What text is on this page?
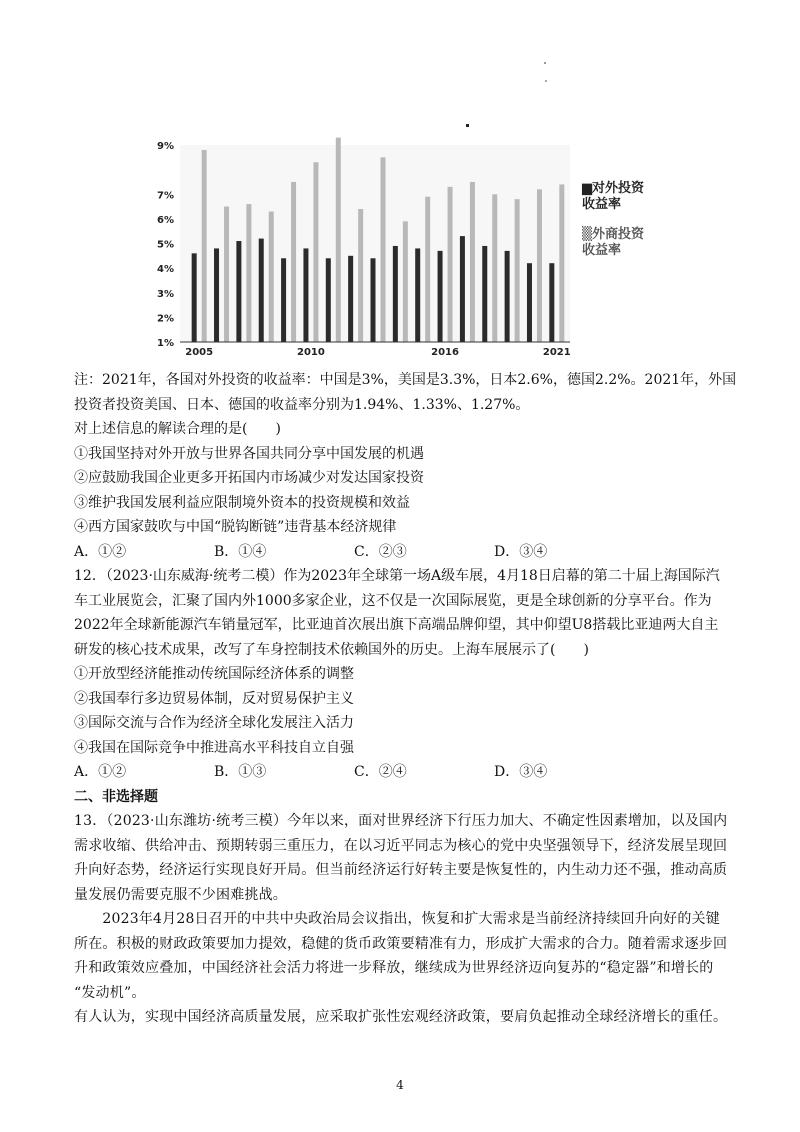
1%
2%
3%
4%
5%
6%
7%
9%
2005	2010	2016	2021
▆对外投资
收益率
▒外商投资
收益率
注：2021年，各国对外投资的收益率：中国是3%，美国是3.3%，日本2.6%，德国2.2%。2021年，外国
投资者投资美国、日本、德国的收益率分别为1.94%、1.33%、1.27%。
对上述信息的解读合理的是(　　)
①我国坚持对外开放与世界各国共同分享中国发展的机遇
②应鼓励我国企业更多开拓国内市场减少对发达国家投资
③维护我国发展利益应限制境外资本的投资规模和效益
④西方国家鼓吹与中国“脱钩断链”违背基本经济规律
A．①②	B．①④	C．②③	D．③④
12．（2023·山东威海·统考二模）作为2023年全球第一场A级车展，4月18日启幕的第二十届上海国际汽
车工业展览会，汇聚了国内外1000多家企业，这不仅是一次国际展览，更是全球创新的分享平台。作为
2022年全球新能源汽车销量冠军，比亚迪首次展出旗下高端品牌仰望，其中仰望U8搭载比亚迪两大自主
研发的核心技术成果，改写了车身控制技术依赖国外的历史。上海车展展示了(　　)
①开放型经济能推动传统国际经济体系的调整
②我国奉行多边贸易体制，反对贸易保护主义
③国际交流与合作为经济全球化发展注入活力
④我国在国际竞争中推进高水平科技自立自强
A．①②	B．①③	C．②④	D．③④
二、非选择题
13．（2023·山东潍坊·统考三模）今年以来，面对世界经济下行压力加大、不确定性因素增加，以及国内
需求收缩、供给冲击、预期转弱三重压力，在以习近平同志为核心的党中央坚强领导下，经济发展呈现回
升向好态势，经济运行实现良好开局。但当前经济运行好转主要是恢复性的，内生动力还不强，推动高质
量发展仍需要克服不少困难挑战。
　　2023年4月28日召开的中共中央政治局会议指出，恢复和扩大需求是当前经济持续回升向好的关键
所在。积极的财政政策要加力提效，稳健的货币政策要精准有力，形成扩大需求的合力。随着需求逐步回
升和政策效应叠加，中国经济社会活力将进一步释放，继续成为世界经济迈向复苏的“稳定器”和增长的
“发动机”。
有人认为，实现中国经济高质量发展，应采取扩张性宏观经济政策，要肩负起推动全球经济增长的重任。
4
